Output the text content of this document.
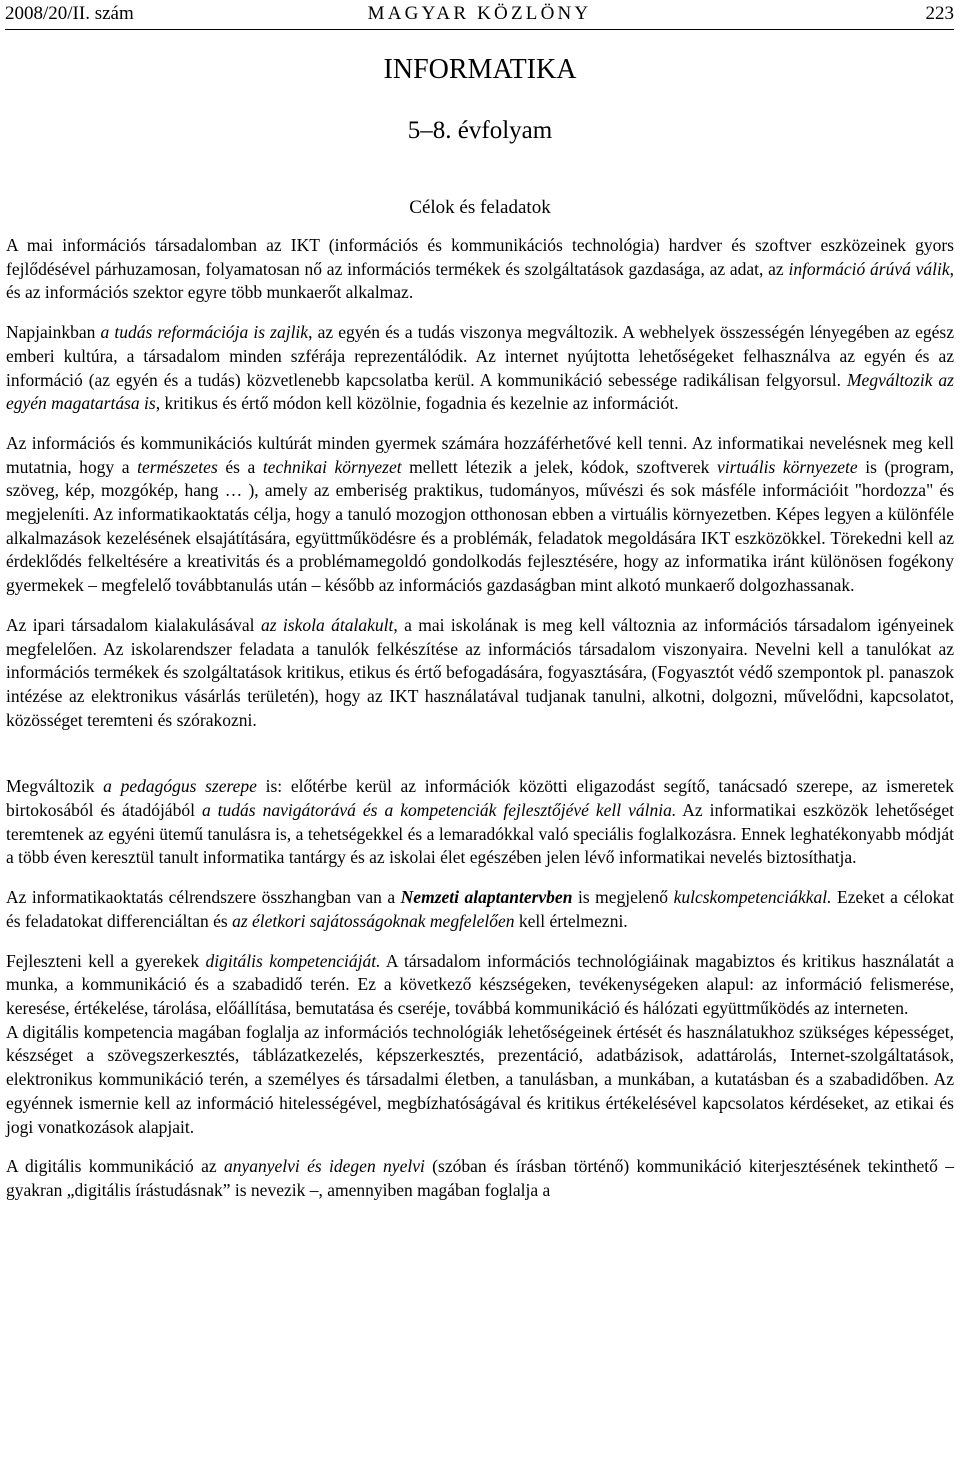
2008/20/II. szám	MAGYAR KÖZLÖNY	223
INFORMATIKA
5–8. évfolyam
Célok és feladatok

A mai információs társadalomban az IKT (információs és kommunikációs technológia) hardver és szoftver eszközeinek gyors fejlődésével párhuzamosan, folyamatosan nő az információs termékek és szolgáltatások gazdasága, az adat, az információ árúvá válik, és az információs szektor egyre több munkaerőt alkalmaz.

Napjainkban a tudás reformációja is zajlik, az egyén és a tudás viszonya megváltozik. A webhelyek összességén lényegében az egész emberi kultúra, a társadalom minden szférája reprezentálódik. Az internet nyújtotta lehetőségeket felhasználva az egyén és az információ (az egyén és a tudás) közvetlenebb kapcsolatba kerül. A kommunikáció sebessége radikálisan felgyorsul. Megváltozik az egyén magatartása is, kritikus és értő módon kell közölnie, fogadnia és kezelnie az információt.

Az információs és kommunikációs kultúrát minden gyermek számára hozzáférhetővé kell tenni. Az informatikai nevelésnek meg kell mutatnia, hogy a természetes és a technikai környezet mellett létezik a jelek, kódok, szoftverek virtuális környezete is (program, szöveg, kép, mozgókép, hang … ), amely az emberiség praktikus, tudományos, művészi és sok másféle információit "hordozza" és megjeleníti. Az informatikaoktatás célja, hogy a tanuló mozogjon otthonosan ebben a virtuális környezetben. Képes legyen a különféle alkalmazások kezelésének elsajátítására, együttműködésre és a problémák, feladatok megoldására IKT eszközökkel. Törekedni kell az érdeklődés felkeltésére a kreativitás és a problémamegoldó gondolkodás fejlesztésére, hogy az informatika iránt különösen fogékony gyermekek – megfelelő továbbtanulás után – később az információs gazdaságban mint alkotó munkaerő dolgozhassanak.

Az ipari társadalom kialakulásával az iskola átalakult, a mai iskolának is meg kell változnia az információs társadalom igényeinek megfelelően. Az iskolarendszer feladata a tanulók felkészítése az információs társadalom viszonyaira. Nevelni kell a tanulókat az információs termékek és szolgáltatások kritikus, etikus és értő befogadására, fogyasztására, (Fogyasztót védő szempontok pl. panaszok intézése az elektronikus vásárlás területén), hogy az IKT használatával tudjanak tanulni, alkotni, dolgozni, művelődni, kapcsolatot, közösséget teremteni és szórakozni.

Megváltozik a pedagógus szerepe is: előtérbe kerül az információk közötti eligazodást segítő, tanácsadó szerepe, az ismeretek birtokosából és átadójából a tudás navigátorává és a kompetenciák fejlesztőjévé kell válnia. Az informatikai eszközök lehetőséget teremtenek az egyéni ütemű tanulásra is, a tehetségekkel és a lemaradókkal való speciális foglalkozásra. Ennek leghatékonyabb módját a több éven keresztül tanult informatika tantárgy és az iskolai élet egészében jelen lévő informatikai nevelés biztosíthatja.

Az informatikaoktatás célrendszere összhangban van a Nemzeti alaptantervben is megjelenő kulcskompetenciákkal. Ezeket a célokat és feladatokat differenciáltan és az életkori sajátosságoknak megfelelően kell értelmezni.

Fejleszteni kell a gyerekek digitális kompetenciáját. A társadalom információs technológiáinak magabiztos és kritikus használatát a munka, a kommunikáció és a szabadidő terén. Ez a következő készségeken, tevékenységeken alapul: az információ felismerése, keresése, értékelése, tárolása, előállítása, bemutatása és cseréje, továbbá kommunikáció és hálózati együttműködés az interneten.

A digitális kompetencia magában foglalja az információs technológiák lehetőségeinek értését és használatukhoz szükséges képességet, készséget a szövegszerkesztés, táblázatkezelés, képszerkesztés, prezentáció, adatbázisok, adattárolás, Internet-szolgáltatások, elektronikus kommunikáció terén, a személyes és társadalmi életben, a tanulásban, a munkában, a kutatásban és a szabadidőben. Az egyénnek ismernie kell az információ hitelességével, megbízhatóságával és kritikus értékelésével kapcsolatos kérdéseket, az etikai és jogi vonatkozások alapjait.

A digitális kommunikáció az anyanyelvi és idegen nyelvi (szóban és írásban történő) kommunikáció kiterjesztésének tekinthető – gyakran „digitális írástudásnak” is nevezik –, amennyiben magában foglalja a
